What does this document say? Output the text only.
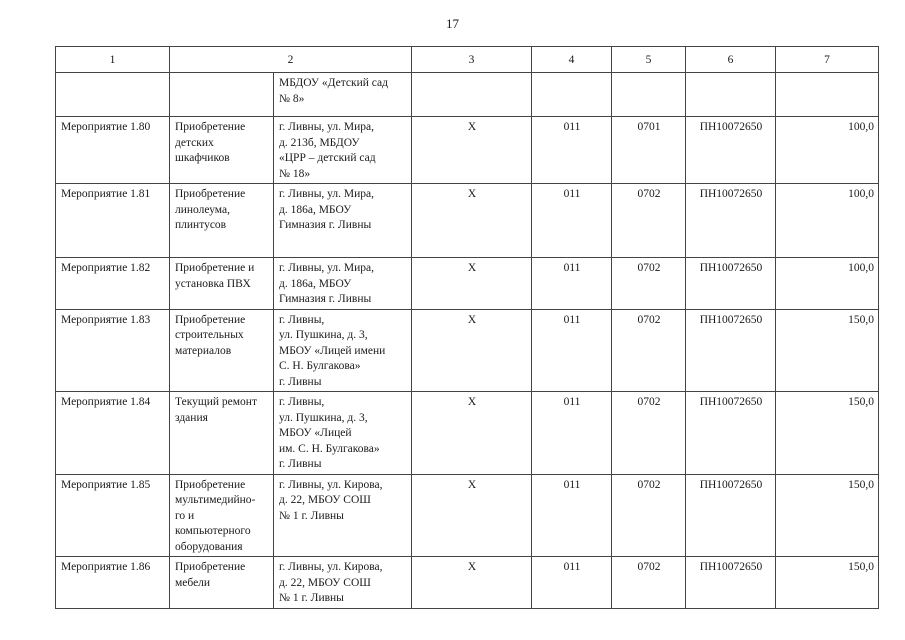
17
1	2		3	4	5	6	7
		МБДОУ «Детский сад
№ 8»					
Мероприятие 1.80	Приобретение
детских
шкафчиков	г. Ливны, ул. Мира,
д. 213б, МБДОУ
«ЦРР – детский сад
№ 18»	Х	011	0701	ПН10072650	100,0
Мероприятие 1.81	Приобретение
линолеума,
плинтусов	г. Ливны, ул. Мира,
д. 186а, МБОУ
Гимназия г. Ливны	Х	011	0702	ПН10072650	100,0
Мероприятие 1.82	Приобретение и
установка ПВХ	г. Ливны, ул. Мира,
д. 186а, МБОУ
Гимназия г. Ливны	Х	011	0702	ПН10072650	100,0
Мероприятие 1.83	Приобретение
строительных
материалов	г. Ливны,
ул. Пушкина, д. 3,
МБОУ «Лицей имени
С. Н. Булгакова»
г. Ливны	Х	011	0702	ПН10072650	150,0
Мероприятие 1.84	Текущий ремонт
здания	г. Ливны,
ул. Пушкина, д. 3,
МБОУ «Лицей
им. С. Н. Булгакова»
г. Ливны	Х	011	0702	ПН10072650	150,0
Мероприятие 1.85	Приобретение
мультимедийно-
го и
компьютерного
оборудования	г. Ливны, ул. Кирова,
д. 22, МБОУ СОШ
№ 1 г. Ливны	Х	011	0702	ПН10072650	150,0
Мероприятие 1.86	Приобретение
мебели	г. Ливны, ул. Кирова,
д. 22, МБОУ СОШ
№ 1 г. Ливны	Х	011	0702	ПН10072650	150,0
